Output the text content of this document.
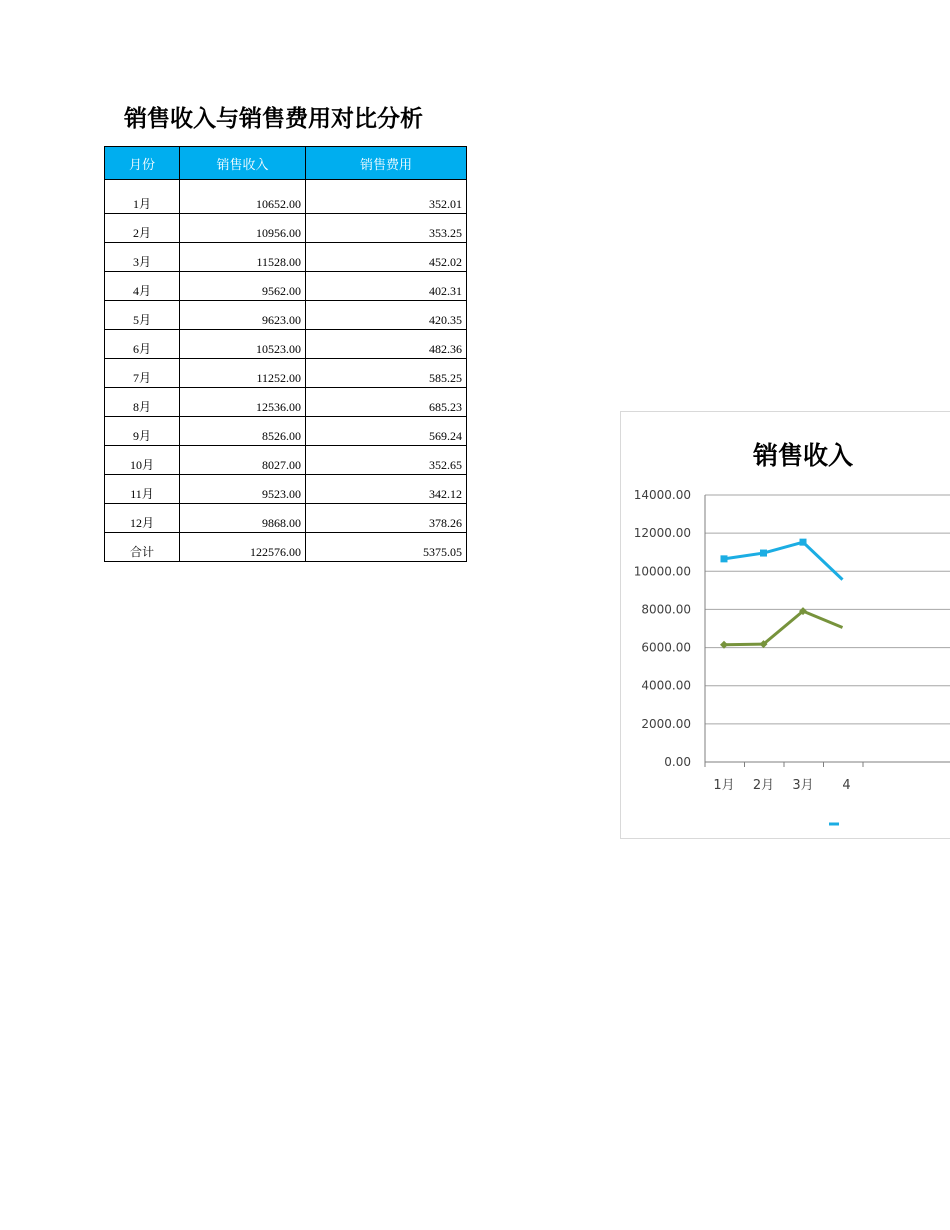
销售收入与销售费用对比分析
月份	销售收入	销售费用
1月	10652.00	352.01
2月	10956.00	353.25
3月	11528.00	452.02
4月	9562.00	402.31
5月	9623.00	420.35
6月	10523.00	482.36
7月	11252.00	585.25
8月	12536.00	685.23
9月	8526.00	569.24
10月	8027.00	352.65
11月	9523.00	342.12
12月	9868.00	378.26
合计	122576.00	5375.05
销售收入
0.00
2000.00
4000.00
6000.00
8000.00
10000.00
12000.00
14000.00
1月 2月 3月 4
